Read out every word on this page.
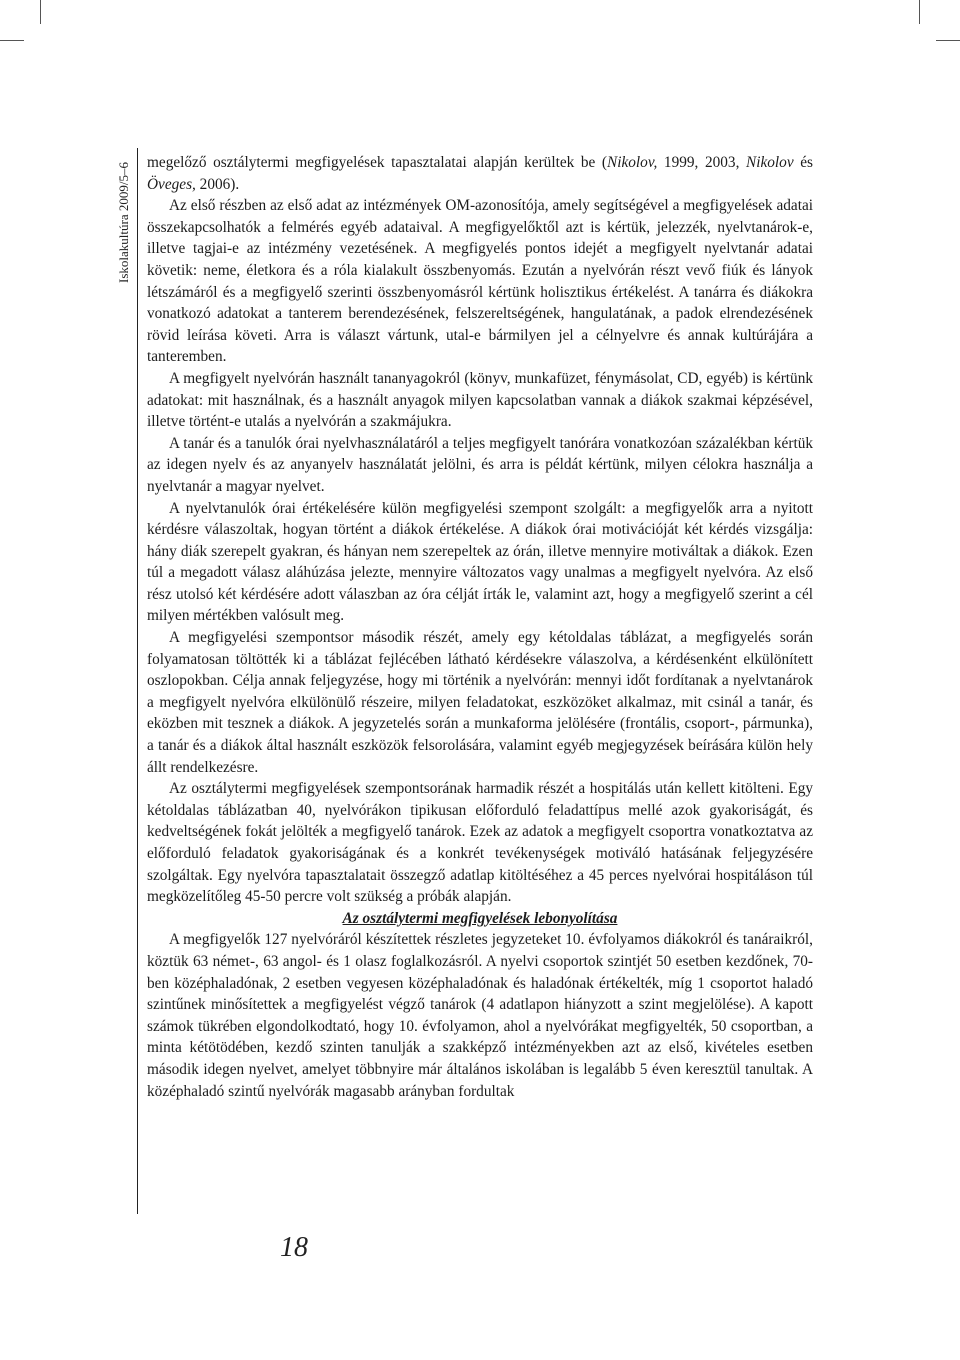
Iskolakultúra 2009/5–6 megelőző osztálytermi megfigyelések tapasztalatai alapján kerültek be (Nikolov, 1999, 2003, Nikolov és Öveges, 2006).

Az első részben az első adat az intézmények OM-azonosítója, amely segítségével a megfigyelések adatai összekapcsolhatók a felmérés egyéb adataival. A megfigyelőktől azt is kértük, jelezzék, nyelvtanárok-e, illetve tagjai-e az intézmény vezetésének. A megfigyelés pontos idejét a megfigyelt nyelvtanár adatai követik: neme, életkora és a róla kialakult összbenyomás. Ezután a nyelvórán részt vevő fiúk és lányok létszámáról és a megfigyelő szerinti összbenyomásról kértünk holisztikus értékelést. A tanárra és diákokra vonatkozó adatokat a tanterem berendezésének, felszereltségének, hangulatának, a padok elrendezésének rövid leírása követi. Arra is választ vártunk, utal-e bármilyen jel a célnyelvre és annak kultúrájára a tanteremben.

A megfigyelt nyelvórán használt tananyagokról (könyv, munkafüzet, fénymásolat, CD, egyéb) is kértünk adatokat: mit használnak, és a használt anyagok milyen kapcsolatban vannak a diákok szakmai képzésével, illetve történt-e utalás a nyelvórán a szakmájukra.

A tanár és a tanulók órai nyelvhasználatáról a teljes megfigyelt tanórára vonatkozóan százalékban kértük az idegen nyelv és az anyanyelv használatát jelölni, és arra is példát kértünk, milyen célokra használja a nyelvtanár a magyar nyelvet.

A nyelvtanulók órai értékelésére külön megfigyelési szempont szolgált: a megfigyelők arra a nyitott kérdésre válaszoltak, hogyan történt a diákok értékelése. A diákok órai motivációját két kérdés vizsgálja: hány diák szerepelt gyakran, és hányan nem szerepeltek az órán, illetve mennyire motiváltak a diákok. Ezen túl a megadott válasz aláhúzása jelezte, mennyire változatos vagy unalmas a megfigyelt nyelvóra. Az első rész utolsó két kérdésére adott válaszban az óra célját írták le, valamint azt, hogy a megfigyelő szerint a cél milyen mértékben valósult meg.

A megfigyelési szempontsor második részét, amely egy kétoldalas táblázat, a megfigyelés során folyamatosan töltötték ki a táblázat fejlécében látható kérdésekre válaszolva, a kérdésenként elkülönített oszlopokban. Célja annak feljegyzése, hogy mi történik a nyelvórán: mennyi időt fordítanak a nyelvtanárok a megfigyelt nyelvóra elkülönülő részeire, milyen feladatokat, eszközöket alkalmaz, mit csinál a tanár, és eközben mit tesznek a diákok. A jegyzetelés során a munkaforma jelölésére (frontális, csoport-, pármunka), a tanár és a diákok által használt eszközök felsorolására, valamint egyéb megjegyzések beírására külön hely állt rendelkezésre.

Az osztálytermi megfigyelések szempontsorának harmadik részét a hospitálás után kellett kitölteni. Egy kétoldalas táblázatban 40, nyelvórákon tipikusan előforduló feladattípus mellé azok gyakoriságát, és kedveltségének fokát jelölték a megfigyelő tanárok. Ezek az adatok a megfigyelt csoportra vonatkoztatva az előforduló feladatok gyakoriságának és a konkrét tevékenységek motiváló hatásának feljegyzésére szolgáltak. Egy nyelvóra tapasztalatait összegző adatlap kitöltéséhez a 45 perces nyelvórai hospitáláson túl megközelítőleg 45-50 percre volt szükség a próbák alapján.

Az osztálytermi megfigyelések lebonyolítása

A megfigyelők 127 nyelvóráról készítettek részletes jegyzeteket 10. évfolyamos diákokról és tanáraikról, köztük 63 német-, 63 angol- és 1 olasz foglalkozásról. A nyelvi csoportok szintjét 50 esetben kezdőnek, 70-ben középhaladónak, 2 esetben vegyesen középhaladónak és haladónak értékelték, míg 1 csoportot haladó szintűnek minősítettek a megfigyelést végző tanárok (4 adatlapon hiányzott a szint megjelölése). A kapott számok tükrében elgondolkodtató, hogy 10. évfolyamon, ahol a nyelvórákat megfigyelték, 50 csoportban, a minta kétötödében, kezdő szinten tanulják a szakképző intézményekben azt az első, kivételes esetben második idegen nyelvet, amelyet többnyire már általános iskolában is legalább 5 éven keresztül tanultak. A középhaladó szintű nyelvórák magasabb arányban fordultak

18
